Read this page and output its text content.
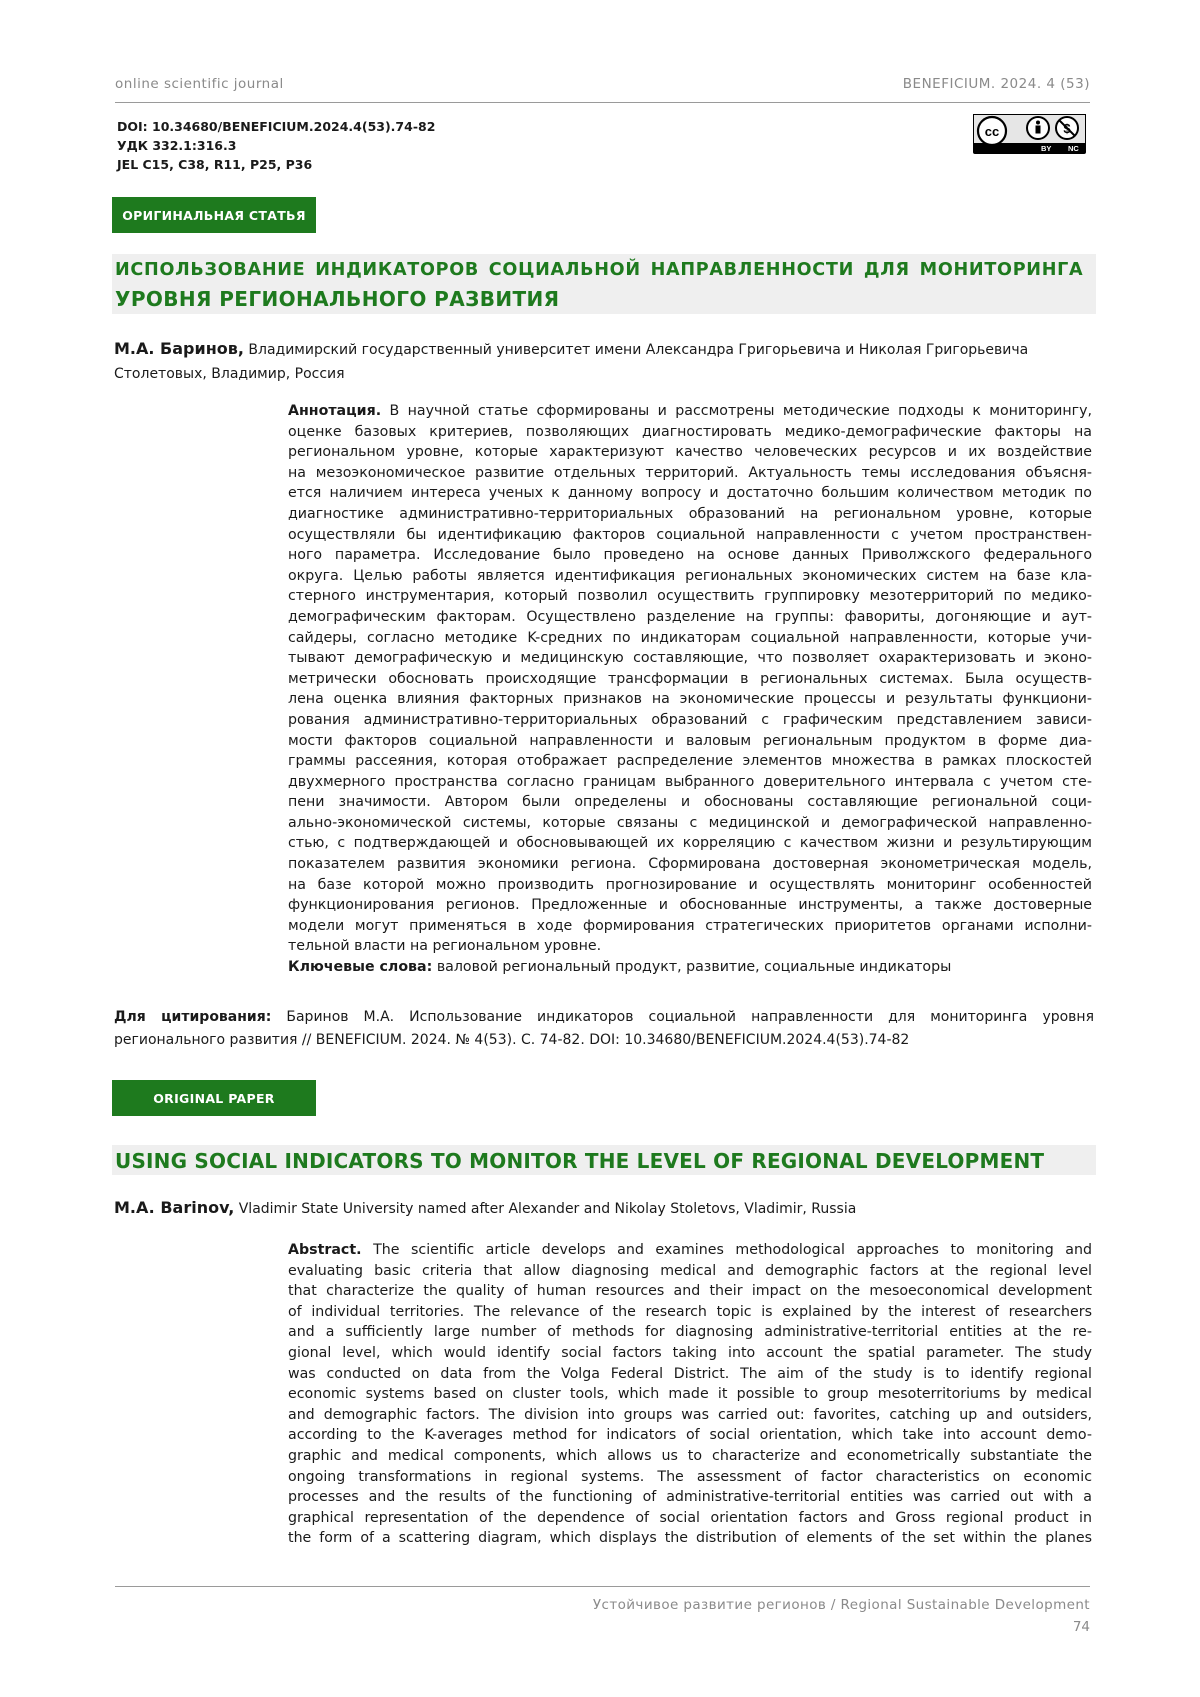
online scientific journal	BENEFICIUM. 2024. 4 (53)
DOI: 10.34680/BENEFICIUM.2024.4(53).74-82
УДК 332.1:316.3
JEL C15, C38, R11, P25, P36
cc
BY NC
ОРИГИНАЛЬНАЯ СТАТЬЯ
ИСПОЛЬЗОВАНИЕ ИНДИКАТОРОВ СОЦИАЛЬНОЙ НАПРАВЛЕННОСТИ ДЛЯ МОНИТОРИНГА
УРОВНЯ РЕГИОНАЛЬНОГО РАЗВИТИЯ
М.А. Баринов, Владимирский государственный университет имени Александра Григорьевича и Николая Григорьевича
Столетовых, Владимир, Россия
Аннотация. В научной статье сформированы и рассмотрены методические подходы к мониторингу,
оценке базовых критериев, позволяющих диагностировать медико-демографические факторы на
региональном уровне, которые характеризуют качество человеческих ресурсов и их воздействие
на мезоэкономическое развитие отдельных территорий. Актуальность темы исследования объясня-
ется наличием интереса ученых к данному вопросу и достаточно большим количеством методик по
диагностике административно-территориальных образований на региональном уровне, которые
осуществляли бы идентификацию факторов социальной направленности с учетом пространствен-
ного параметра. Исследование было проведено на основе данных Приволжского федерального
округа. Целью работы является идентификация региональных экономических систем на базе кла-
стерного инструментария, который позволил осуществить группировку мезотерриторий по медико-
демографическим факторам. Осуществлено разделение на группы: фавориты, догоняющие и аут-
сайдеры, согласно методике K-средних по индикаторам социальной направленности, которые учи-
тывают демографическую и медицинскую составляющие, что позволяет охарактеризовать и эконо-
метрически обосновать происходящие трансформации в региональных системах. Была осуществ-
лена оценка влияния факторных признаков на экономические процессы и результаты функциони-
рования административно-территориальных образований с графическим представлением зависи-
мости факторов социальной направленности и валовым региональным продуктом в форме диа-
граммы рассеяния, которая отображает распределение элементов множества в рамках плоскостей
двухмерного пространства согласно границам выбранного доверительного интервала с учетом сте-
пени значимости. Автором были определены и обоснованы составляющие региональной соци-
ально-экономической системы, которые связаны с медицинской и демографической направленно-
стью, с подтверждающей и обосновывающей их корреляцию с качеством жизни и результирующим
показателем развития экономики региона. Сформирована достоверная эконометрическая модель,
на базе которой можно производить прогнозирование и осуществлять мониторинг особенностей
функционирования регионов. Предложенные и обоснованные инструменты, а также достоверные
модели могут применяться в ходе формирования стратегических приоритетов органами исполни-
тельной власти на региональном уровне.
Ключевые слова: валовой региональный продукт, развитие, социальные индикаторы
Для цитирования: Баринов М.А. Использование индикаторов социальной направленности для мониторинга уровня
регионального развития // BENEFICIUM. 2024. № 4(53). С. 74-82. DOI: 10.34680/BENEFICIUM.2024.4(53).74-82
ORIGINAL PAPER
USING SOCIAL INDICATORS TO MONITOR THE LEVEL OF REGIONAL DEVELOPMENT
M.A. Barinov, Vladimir State University named after Alexander and Nikolay Stoletovs, Vladimir, Russia
Abstract. The scientific article develops and examines methodological approaches to monitoring and
evaluating basic criteria that allow diagnosing medical and demographic factors at the regional level
that characterize the quality of human resources and their impact on the mesoeconomical development
of individual territories. The relevance of the research topic is explained by the interest of researchers
and a sufficiently large number of methods for diagnosing administrative-territorial entities at the re-
gional level, which would identify social factors taking into account the spatial parameter. The study
was conducted on data from the Volga Federal District. The aim of the study is to identify regional
economic systems based on cluster tools, which made it possible to group mesoterritoriums by medical
and demographic factors. The division into groups was carried out: favorites, catching up and outsiders,
according to the K-averages method for indicators of social orientation, which take into account demo-
graphic and medical components, which allows us to characterize and econometrically substantiate the
ongoing transformations in regional systems. The assessment of factor characteristics on economic
processes and the results of the functioning of administrative-territorial entities was carried out with a
graphical representation of the dependence of social orientation factors and Gross regional product in
the form of a scattering diagram, which displays the distribution of elements of the set within the planes
Устойчивое развитие регионов / Regional Sustainable Development
74
